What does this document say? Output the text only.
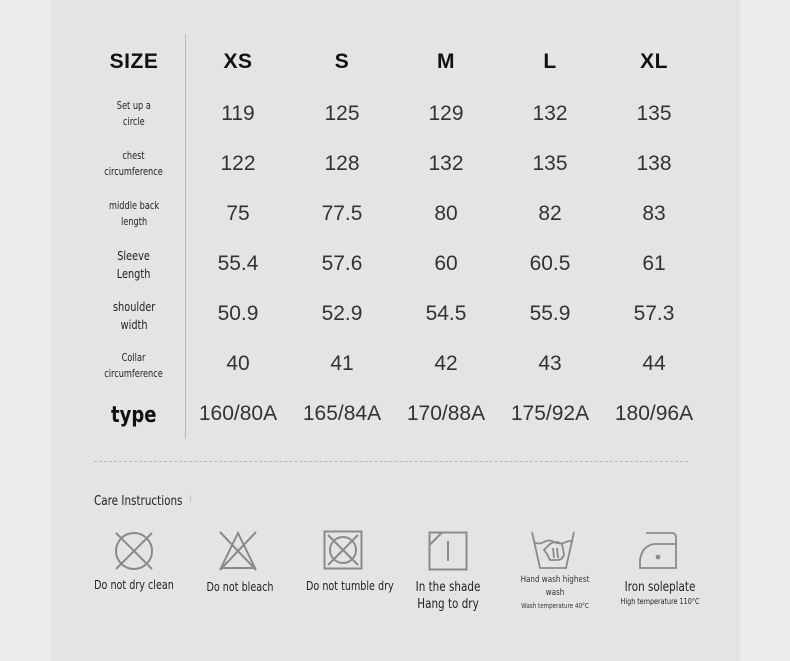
SIZE	XS	S	M	L	XL
Set up a
circle	119	125	129	132	135
chest
circumference	122	128	132	135	138
middle back
length	75	77.5	80	82	83
Sleeve
Length	55.4	57.6	60	60.5	61
shoulder
width	50.9	52.9	54.5	55.9	57.3
Collar
circumference	40	41	42	43	44
type	160/80A	165/84A	170/88A	175/92A	180/96A
Care Instructions ⁝
Do not dry clean	Do not bleach	Do not tumble dry	In the shade
Hang to dry
Hand wash highest
wash
Wash temperature 40°C
Iron soleplate
High temperature 110°C
